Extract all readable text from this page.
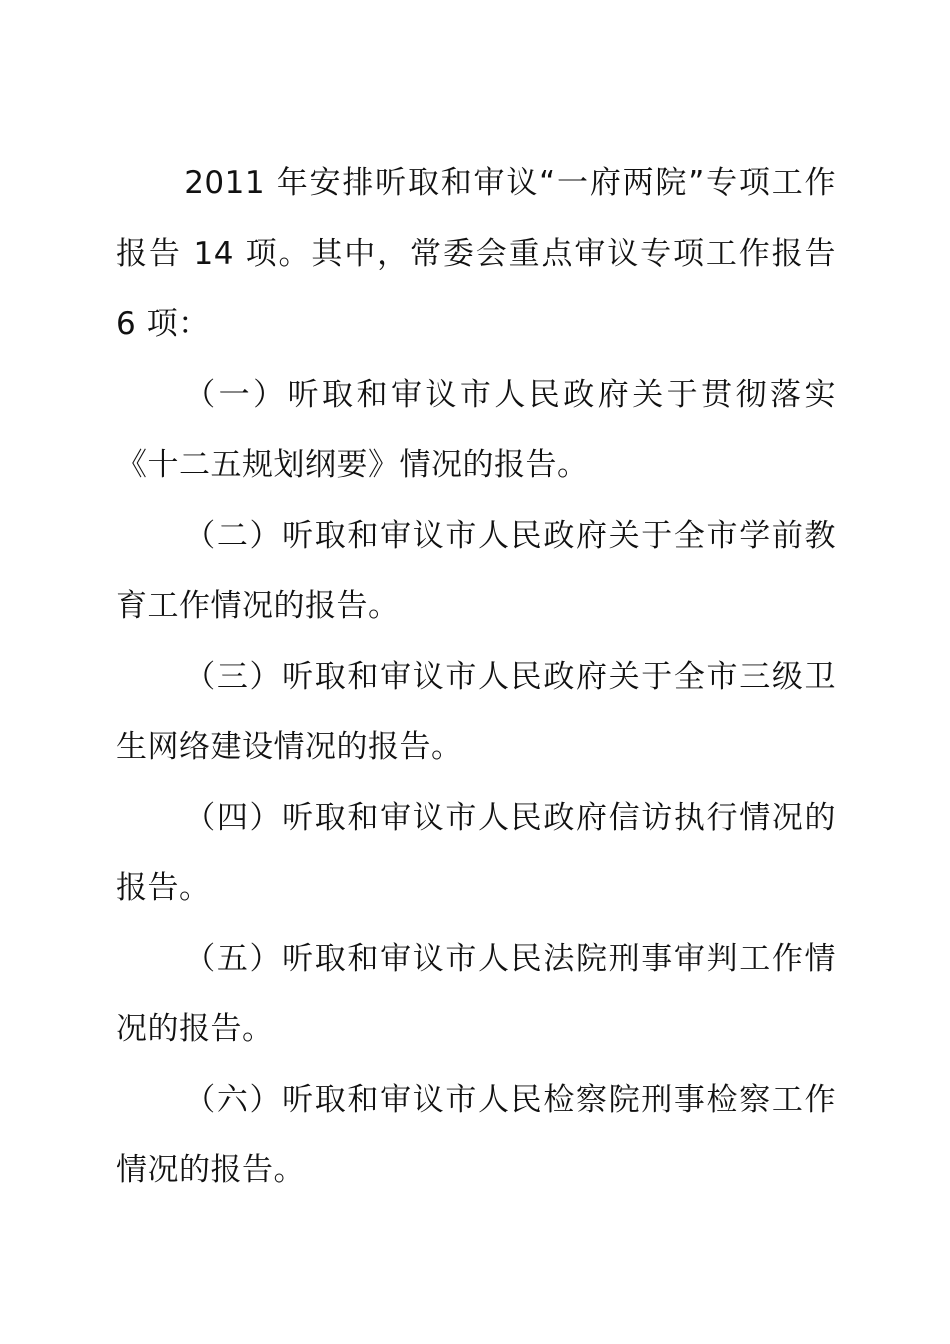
2011 年安排听取和审议“一府两院”专项工作报告 14 项。其中，常委会重点审议专项工作报告 6 项：

（一）听取和审议市人民政府关于贯彻落实《十二五规划纲要》情况的报告。

（二）听取和审议市人民政府关于全市学前教育工作情况的报告。

（三）听取和审议市人民政府关于全市三级卫生网络建设情况的报告。

（四）听取和审议市人民政府信访执行情况的报告。

（五）听取和审议市人民法院刑事审判工作情况的报告。

（六）听取和审议市人民检察院刑事检察工作情况的报告。
